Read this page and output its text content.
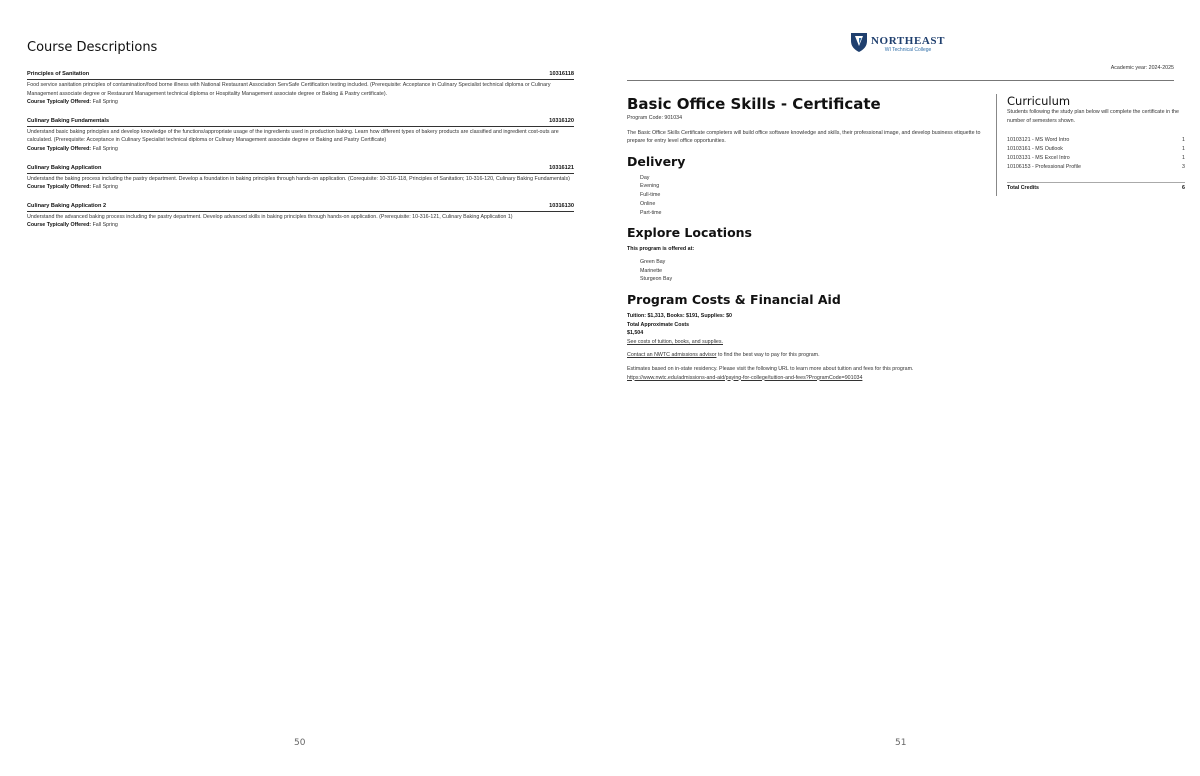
Course Descriptions
Principles of Sanitation	10316118
Food service sanitation principles of contamination/food borne illness with National Restaurant Association ServSafe Certification testing included. (Prerequisite: Acceptance in Culinary Specialist technical diploma or Culinary Management associate degree or Restaurant Management technical diploma or Hospitality Management associate degree or Baking & Pastry certificate).
Course Typically Offered: Fall Spring
Culinary Baking Fundamentals	10316120
Understand basic baking principles and develop knowledge of the functions/appropriate usage of the ingredients used in production baking. Learn how different types of bakery products are classified and ingredient cost-outs are calculated. (Prerequisite: Acceptance in Culinary Specialist technical diploma or Culinary Management associate degree or Baking and Pastry Certificate)
Course Typically Offered: Fall Spring
Culinary Baking Application	10316121
Understand the baking process including the pastry department. Develop a foundation in baking principles through hands-on application. (Corequisite: 10-316-118, Principles of Sanitation; 10-316-120, Culinary Baking Fundamentals)
Course Typically Offered: Fall Spring
Culinary Baking Application 2	10316130
Understand the advanced baking process including the pastry department. Develop advanced skills in baking principles through hands-on application. (Prerequisite: 10-316-121, Culinary Baking Application 1)
Course Typically Offered: Fall Spring
50
NORTHEAST
WI Technical College
Academic year: 2024-2025
Basic Office Skills - Certificate
Program Code: 901034
The Basic Office Skills Certificate completers will build office software knowledge and skills, their professional image, and develop business etiquette to prepare for entry level office opportunities.
Delivery
Day
Evening
Full-time
Online
Part-time
Explore Locations
This program is offered at:
Green Bay
Marinette
Sturgeon Bay
Program Costs & Financial Aid
Tuition: $1,313, Books: $191, Supplies: $0
Total Approximate Costs
$1,504
See costs of tuition, books, and supplies.
Contact an NWTC admissions advisor to find the best way to pay for this program.
Estimates based on in-state residency. Please visit the following URL to learn more about tuition and fees for this program.
https://www.nwtc.edu/admissions-and-aid/paying-for-college/tuition-and-fees?ProgramCode=901034
Curriculum
Students following the study plan below will complete the certificate in the number of semesters shown.
10103121 - MS Word Intro	1
10103161 - MS Outlook	1
10103131 - MS Excel Intro	1
10106153 - Professional Profile	3
Total Credits	6
51
